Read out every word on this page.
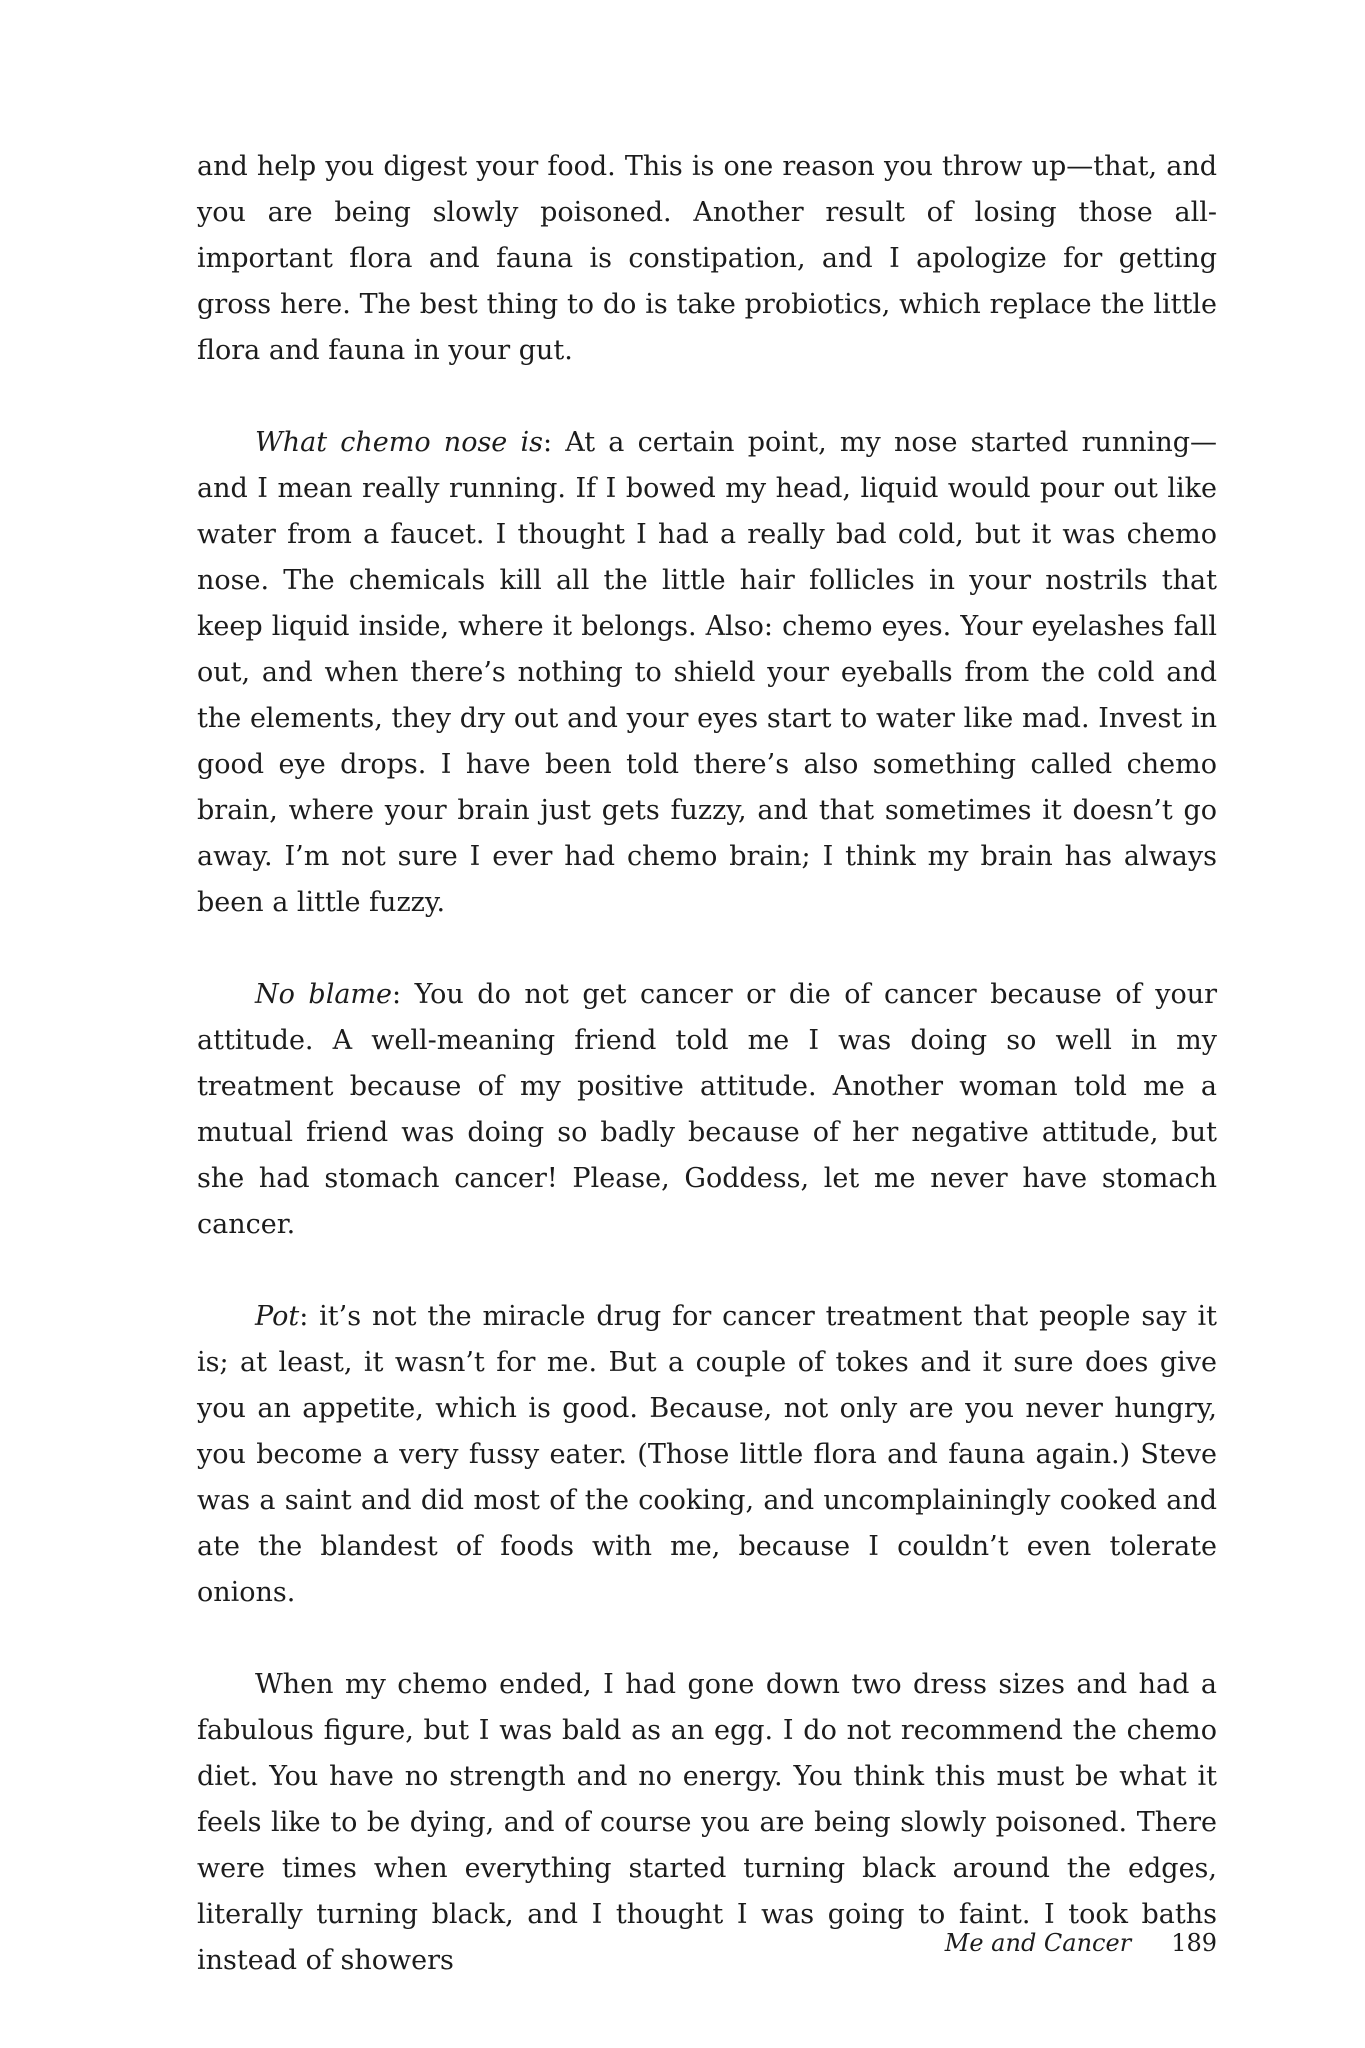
and help you digest your food. This is one reason you throw up—that, and you are being slowly poisoned. Another result of losing those all-important flora and fauna is constipation, and I apologize for getting gross here. The best thing to do is take probiotics, which replace the little flora and fauna in your gut.

What chemo nose is: At a certain point, my nose started running—and I mean really running. If I bowed my head, liquid would pour out like water from a faucet. I thought I had a really bad cold, but it was chemo nose. The chemicals kill all the little hair follicles in your nostrils that keep liquid inside, where it belongs. Also: chemo eyes. Your eyelashes fall out, and when there’s nothing to shield your eyeballs from the cold and the elements, they dry out and your eyes start to water like mad. Invest in good eye drops. I have been told there’s also something called chemo brain, where your brain just gets fuzzy, and that sometimes it doesn’t go away. I’m not sure I ever had chemo brain; I think my brain has always been a little fuzzy.

No blame: You do not get cancer or die of cancer because of your attitude. A well-meaning friend told me I was doing so well in my treatment because of my positive attitude. Another woman told me a mutual friend was doing so badly because of her negative attitude, but she had stomach cancer! Please, Goddess, let me never have stomach cancer.

Pot: it’s not the miracle drug for cancer treatment that people say it is; at least, it wasn’t for me. But a couple of tokes and it sure does give you an appetite, which is good. Because, not only are you never hungry, you become a very fussy eater. (Those little flora and fauna again.) Steve was a saint and did most of the cooking, and uncomplainingly cooked and ate the blandest of foods with me, because I couldn’t even tolerate onions.

When my chemo ended, I had gone down two dress sizes and had a fabulous figure, but I was bald as an egg. I do not recommend the chemo diet. You have no strength and no energy. You think this must be what it feels like to be dying, and of course you are being slowly poisoned. There were times when everything started turning black around the edges, literally turning black, and I thought I was going to faint. I took baths instead of showers

Me and Cancer 189
